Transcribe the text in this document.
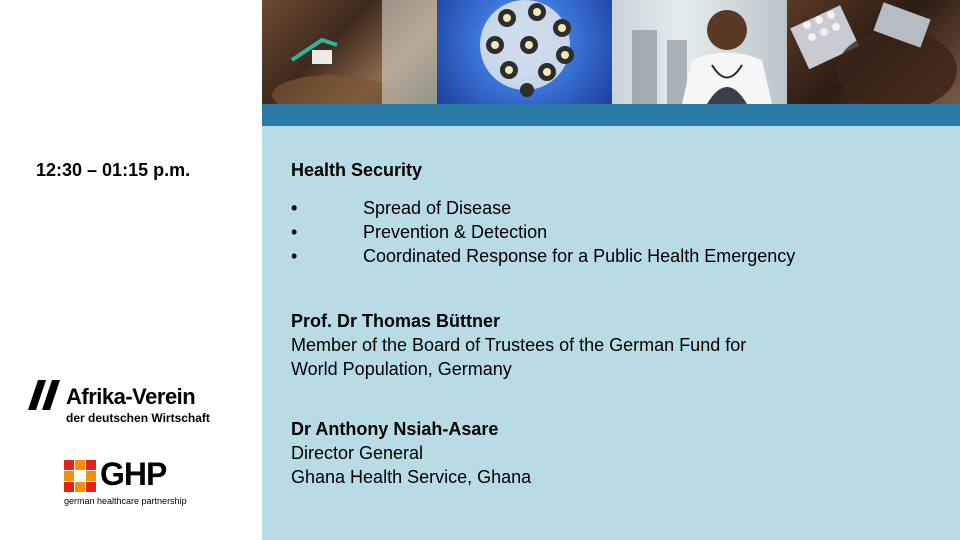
12:30 – 01:15 p.m.	Health Security
•	Spread of Disease
•	Prevention & Detection
•	Coordinated Response for a Public Health Emergency
Prof. Dr Thomas Büttner
Member of the Board of Trustees of the German Fund for
World Population, Germany
Dr Anthony Nsiah-Asare
Director General
Ghana Health Service, Ghana
Afrika-Verein
der deutschen Wirtschaft
GHP
german healthcare partnership
